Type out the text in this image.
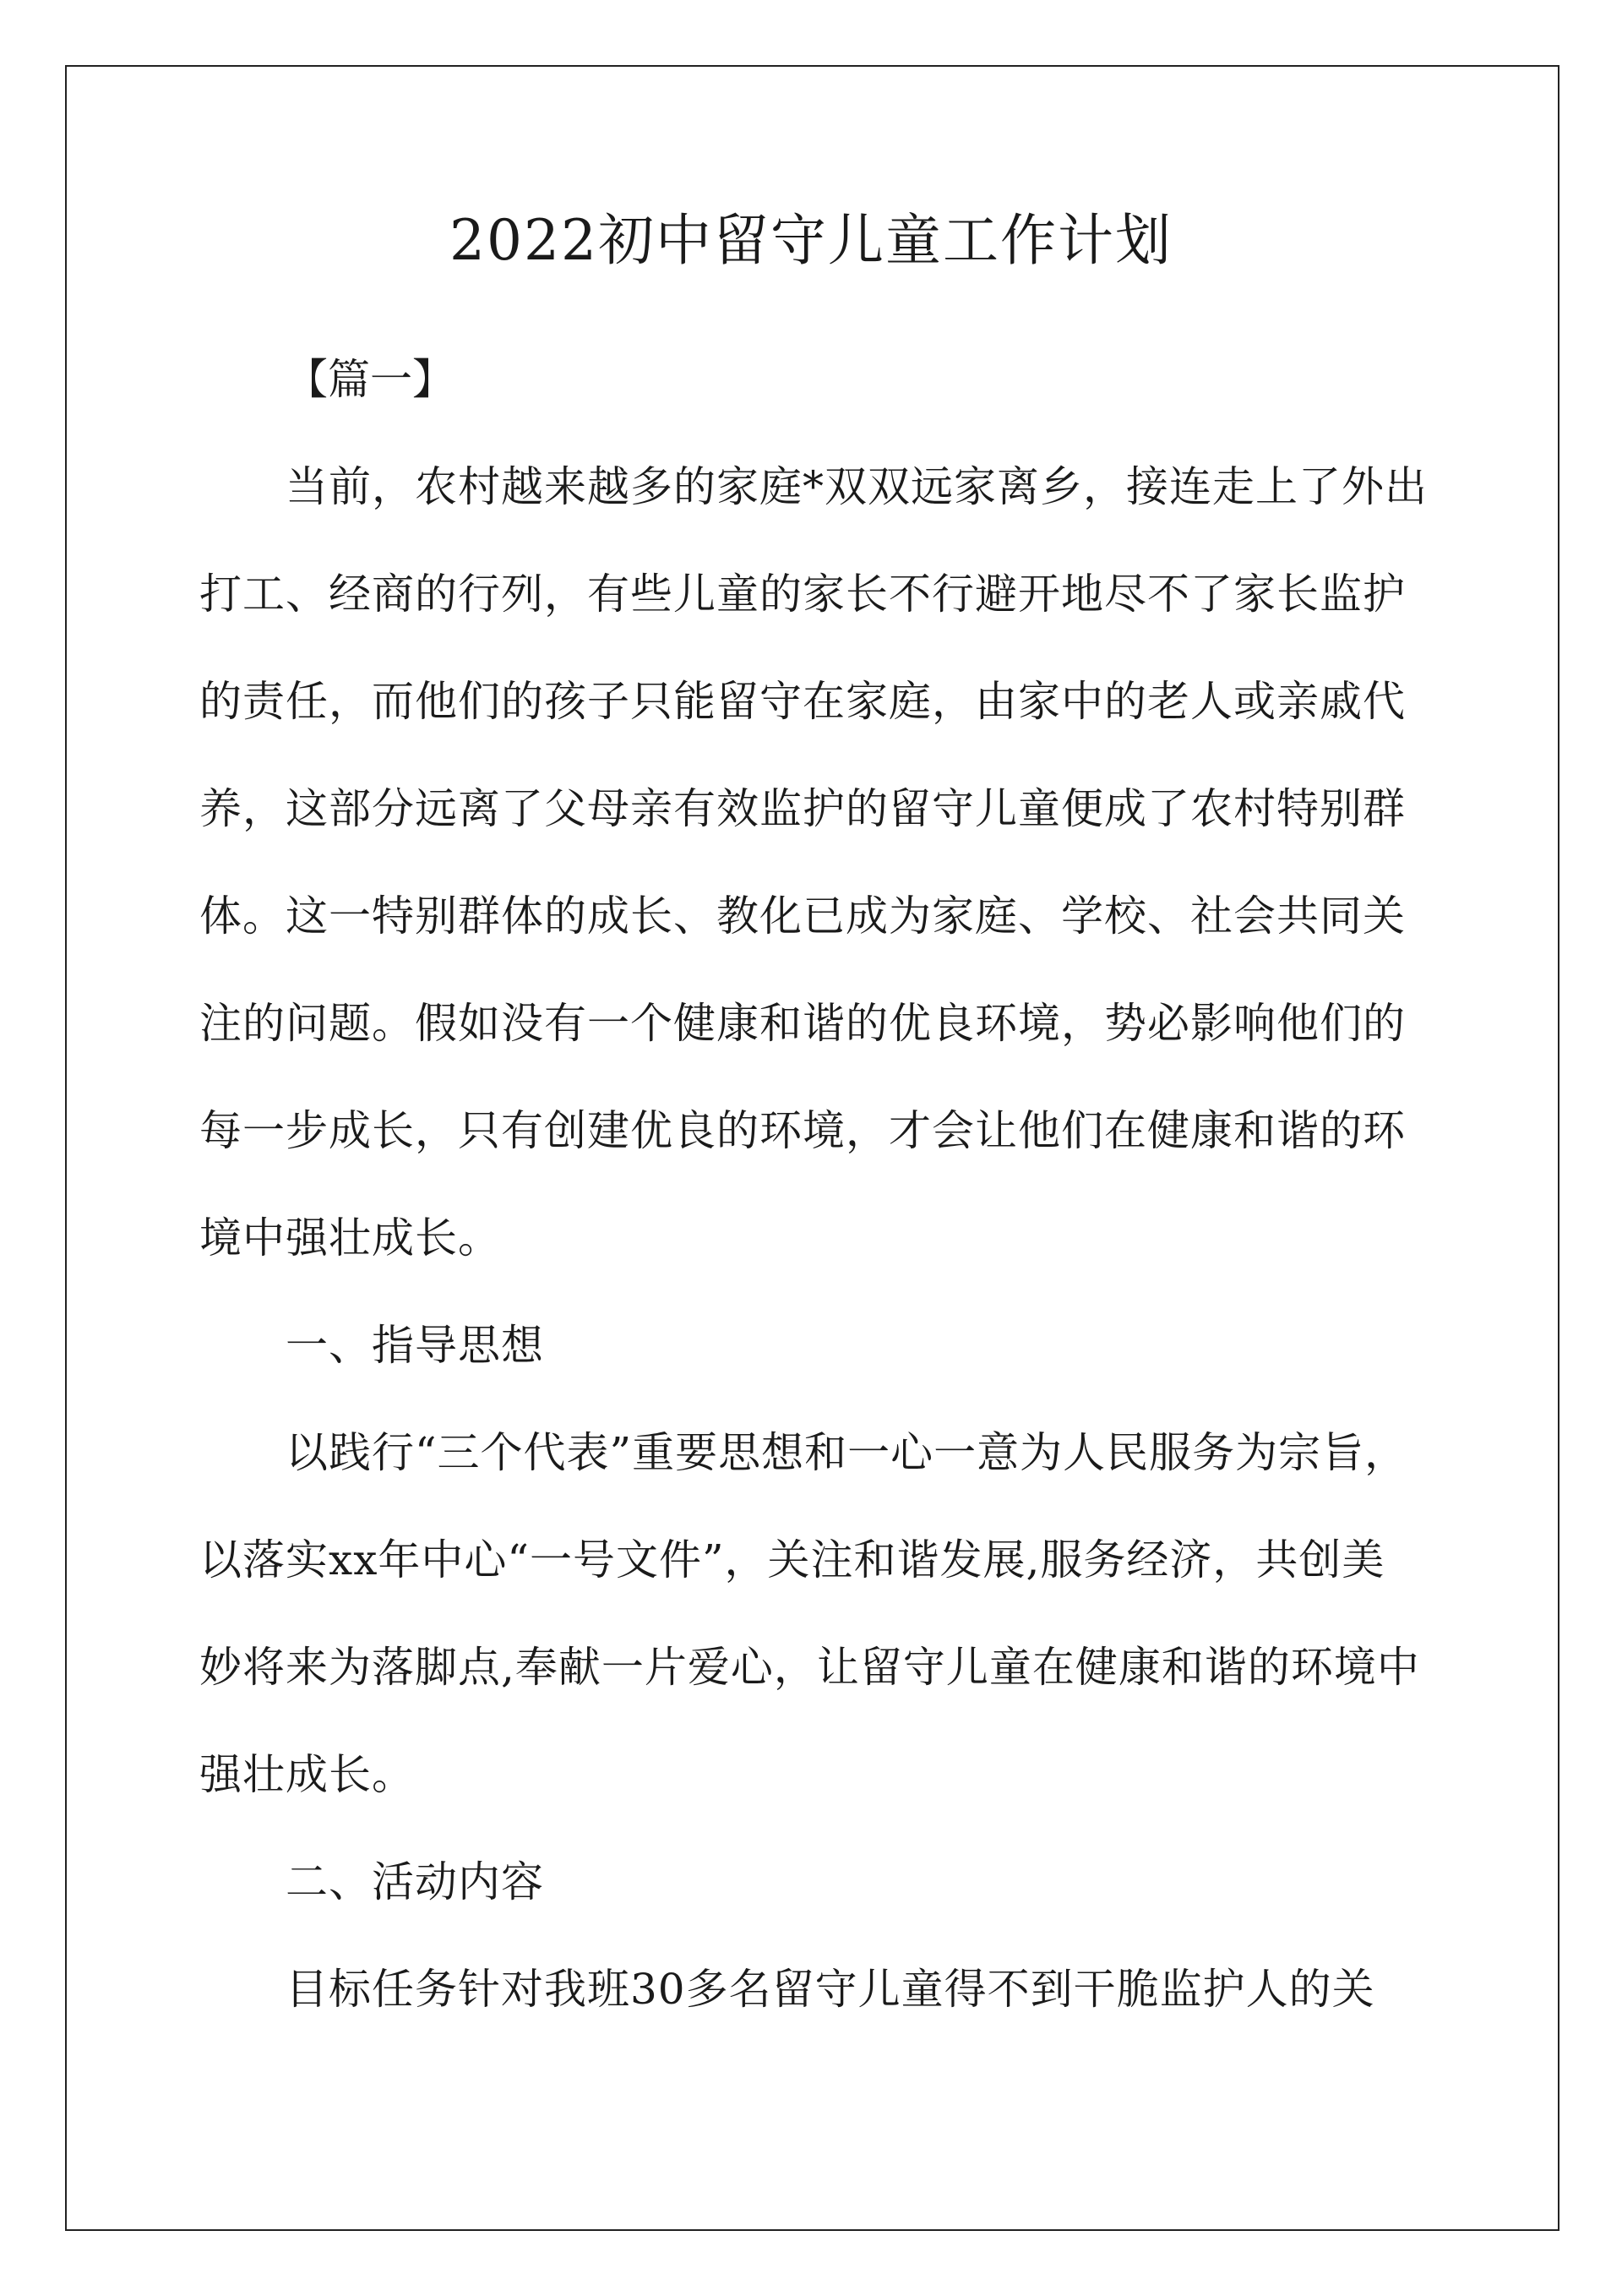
2022初中留守儿童工作计划
【篇一】

当前，农村越来越多的家庭*双双远家离乡，接连走上了外出

打工、经商的行列，有些儿童的家长不行避开地尽不了家长监护

的责任，而他们的孩子只能留守在家庭，由家中的老人或亲戚代

养，这部分远离了父母亲有效监护的留守儿童便成了农村特别群

体。这一特别群体的成长、教化已成为家庭、学校、社会共同关

注的问题。假如没有一个健康和谐的优良环境，势必影响他们的

每一步成长，只有创建优良的环境，才会让他们在健康和谐的环

境中强壮成长。

一、指导思想

以践行“三个代表”重要思想和一心一意为人民服务为宗旨，

以落实xx年中心“一号文件”，关注和谐发展,服务经济，共创美

妙将来为落脚点,奉献一片爱心，让留守儿童在健康和谐的环境中

强壮成长。

二、活动内容

目标任务针对我班30多名留守儿童得不到干脆监护人的关
